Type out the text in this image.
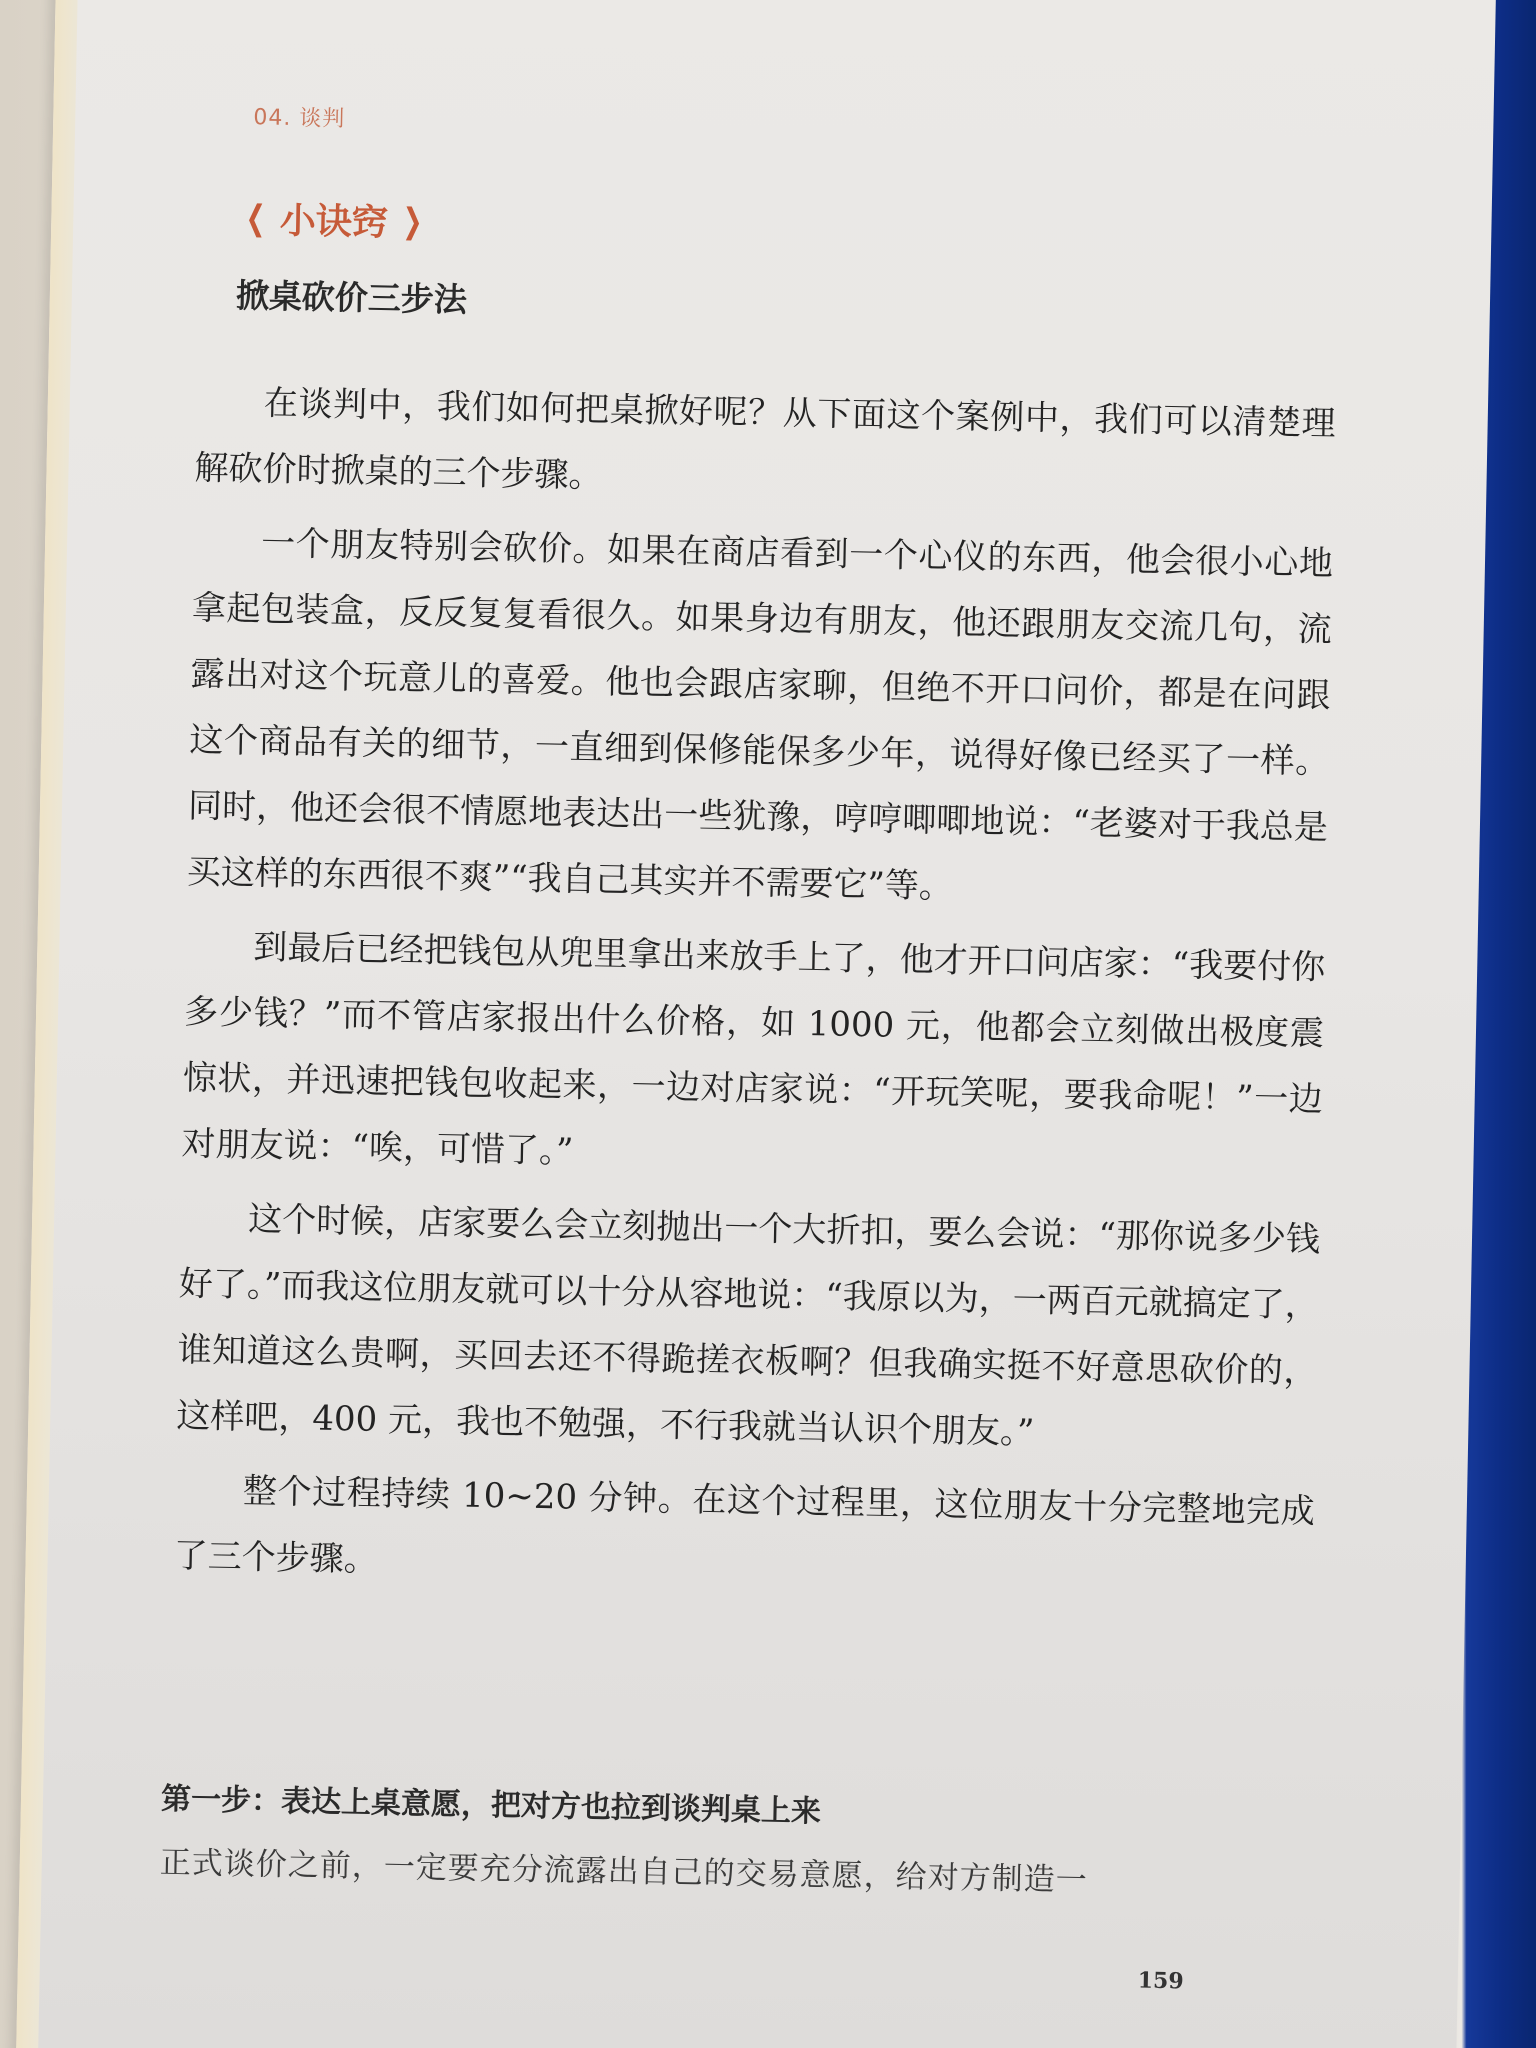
04. 谈判
❮ 小诀窍 ❯
掀桌砍价三步法

在谈判中，我们如何把桌掀好呢？从下面这个案例中，我们可以清楚理解砍价时掀桌的三个步骤。

一个朋友特别会砍价。如果在商店看到一个心仪的东西，他会很小心地拿起包装盒，反反复复看很久。如果身边有朋友，他还跟朋友交流几句，流露出对这个玩意儿的喜爱。他也会跟店家聊，但绝不开口问价，都是在问跟这个商品有关的细节，一直细到保修能保多少年，说得好像已经买了一样。同时，他还会很不情愿地表达出一些犹豫，哼哼唧唧地说：“老婆对于我总是买这样的东西很不爽”“我自己其实并不需要它”等。

到最后已经把钱包从兜里拿出来放手上了，他才开口问店家：“我要付你多少钱？”而不管店家报出什么价格，如 1000 元，他都会立刻做出极度震惊状，并迅速把钱包收起来，一边对店家说：“开玩笑呢，要我命呢！”一边对朋友说：“唉，可惜了。”

这个时候，店家要么会立刻抛出一个大折扣，要么会说：“那你说多少钱好了。”而我这位朋友就可以十分从容地说：“我原以为，一两百元就搞定了，谁知道这么贵啊，买回去还不得跪搓衣板啊？但我确实挺不好意思砍价的，这样吧，400 元，我也不勉强，不行我就当认识个朋友。”

整个过程持续 10~20 分钟。在这个过程里，这位朋友十分完整地完成了三个步骤。

第一步：表达上桌意愿，把对方也拉到谈判桌上来
正式谈价之前，一定要充分流露出自己的交易意愿，给对方制造一
159
